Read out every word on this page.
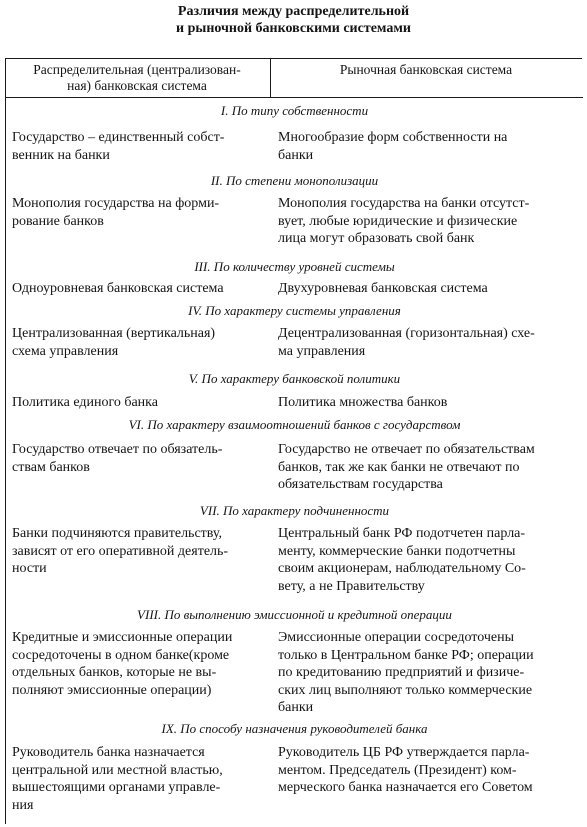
Различия между распределительной
и рыночной банковскими системами
Распределительная (централизован-
ная) банковская система
Рыночная банковская система
I. По типу собственности
Государство – единственный собст-
венник на банки
Многообразие форм собственности на
банки
II. По степени монополизации
Монополия государства на форми-
рование банков
Монополия государства на банки отсутст-
вует, любые юридические и физические
лица могут образовать свой банк
III. По количеству уровней системы
Одноуровневая банковская система	Двухуровневая банковская система
IV. По характеру системы управления
Централизованная (вертикальная)
схема управления
Децентрализованная (горизонтальная) схе-
ма управления
V. По характеру банковской политики
Политика единого банка	Политика множества банков
VI. По характеру взаимоотношений банков с государством
Государство отвечает по обязатель-
ствам банков
Государство не отвечает по обязательствам
банков, так же как банки не отвечают по
обязательствам государства
VII. По характеру подчиненности
Банки подчиняются правительству,
зависят от его оперативной деятель-
ности
Центральный банк РФ подотчетен парла-
менту, коммерческие банки подотчетны
своим акционерам, наблюдательному Со-
вету, а не Правительству
VIII. По выполнению эмиссионной и кредитной операции
Кредитные и эмиссионные операции
сосредоточены в одном банке(кроме
отдельных банков, которые не вы-
полняют эмиссионные операции)
Эмиссионные операции сосредоточены
только в Центральном банке РФ; операции
по кредитованию предприятий и физиче-
ских лиц выполняют только коммерческие
банки
IX. По способу назначения руководителей банка
Руководитель банка назначается
центральной или местной властью,
вышестоящими органами управле-
ния
Руководитель ЦБ РФ утверждается парла-
ментом. Председатель (Президент) ком-
мерческого банка назначается его Советом
